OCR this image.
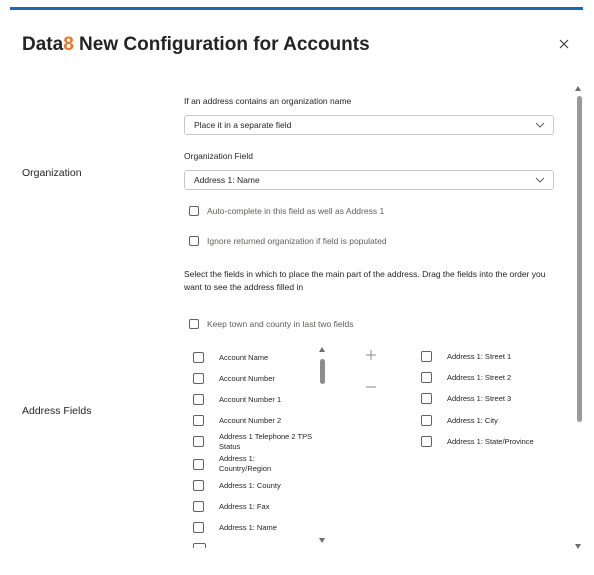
Data8 New Configuration for Accounts
If an address contains an organization name
Place it in a separate field
Organization Field
Organization
Address 1: Name
Auto-complete in this field as well as Address 1
Ignore returned organization if field is populated
Select the fields in which to place the main part of the address. Drag the fields into the order you want to see the address filled in
Keep town and county in last two fields
Address Fields
Account Name
Account Number
Account Number 1
Account Number 2
Address 1 Telephone 2 TPS Status
Address 1: Country/Region
Address 1: County
Address 1: Fax
Address 1: Name
Address 1: Street 1
Address 1: Street 2
Address 1: Street 3
Address 1: City
Address 1: State/Province
